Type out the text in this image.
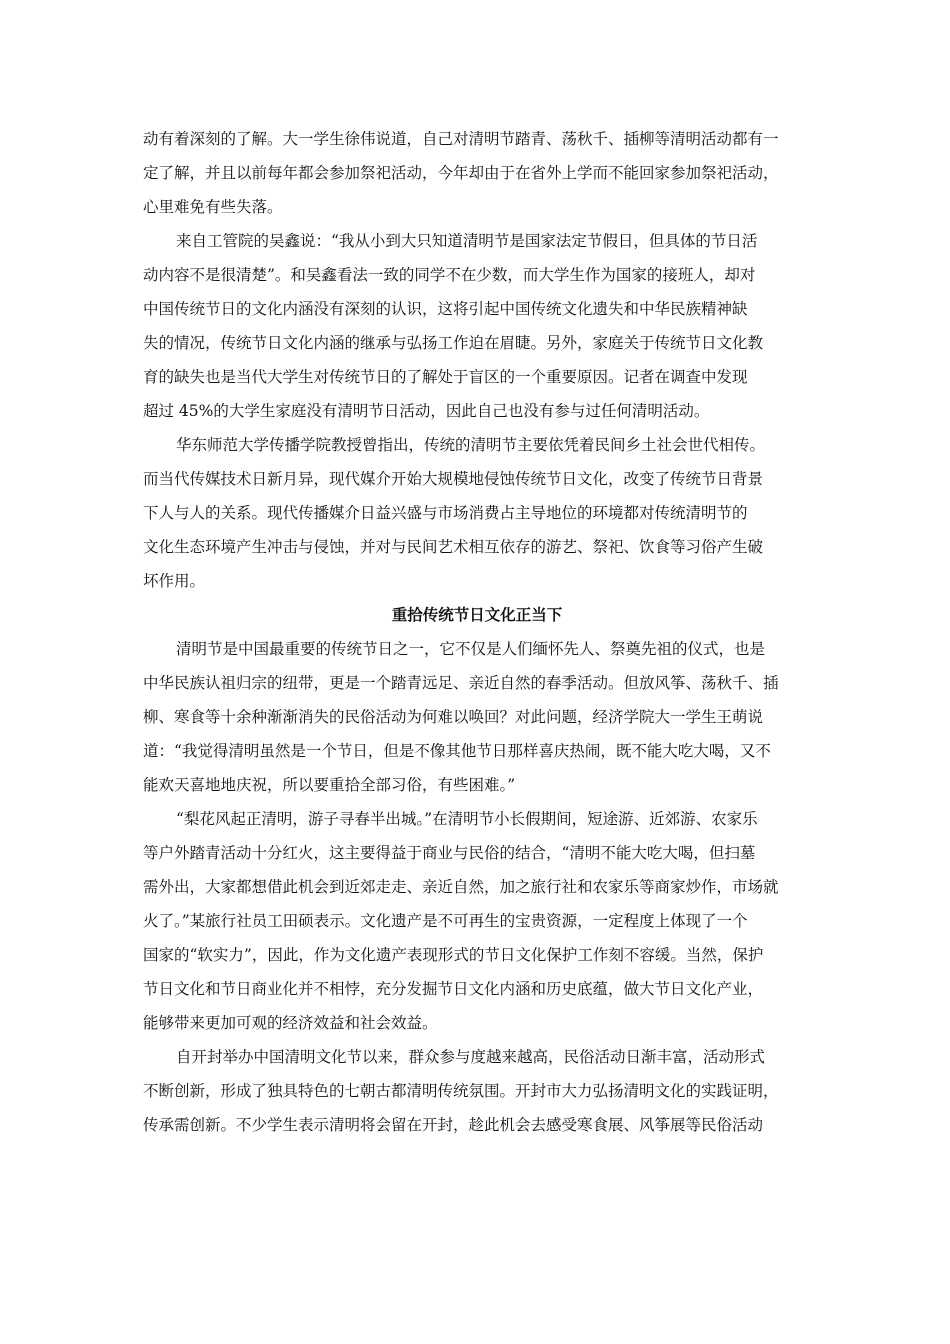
动有着深刻的了解。大一学生徐伟说道，自己对清明节踏青、荡秋千、插柳等清明活动都有一
定了解，并且以前每年都会参加祭祀活动，今年却由于在省外上学而不能回家参加祭祀活动，
心里难免有些失落。
来自工管院的吴鑫说：“我从小到大只知道清明节是国家法定节假日，但具体的节日活
动内容不是很清楚”。和吴鑫看法一致的同学不在少数，而大学生作为国家的接班人，却对
中国传统节日的文化内涵没有深刻的认识，这将引起中国传统文化遗失和中华民族精神缺
失的情况，传统节日文化内涵的继承与弘扬工作迫在眉睫。另外，家庭关于传统节日文化教
育的缺失也是当代大学生对传统节日的了解处于盲区的一个重要原因。记者在调查中发现
超过 45%的大学生家庭没有清明节日活动，因此自己也没有参与过任何清明活动。
华东师范大学传播学院教授曾指出，传统的清明节主要依凭着民间乡土社会世代相传。
而当代传媒技术日新月异，现代媒介开始大规模地侵蚀传统节日文化，改变了传统节日背景
下人与人的关系。现代传播媒介日益兴盛与市场消费占主导地位的环境都对传统清明节的
文化生态环境产生冲击与侵蚀，并对与民间艺术相互依存的游艺、祭祀、饮食等习俗产生破
坏作用。
重拾传统节日文化正当下
清明节是中国最重要的传统节日之一，它不仅是人们缅怀先人、祭奠先祖的仪式，也是
中华民族认祖归宗的纽带，更是一个踏青远足、亲近自然的春季活动。但放风筝、荡秋千、插
柳、寒食等十余种渐渐消失的民俗活动为何难以唤回？对此问题，经济学院大一学生王萌说
道：“我觉得清明虽然是一个节日，但是不像其他节日那样喜庆热闹，既不能大吃大喝，又不
能欢天喜地地庆祝，所以要重拾全部习俗，有些困难。”
“梨花风起正清明，游子寻春半出城。”在清明节小长假期间，短途游、近郊游、农家乐
等户外踏青活动十分红火，这主要得益于商业与民俗的结合，“清明不能大吃大喝，但扫墓
需外出，大家都想借此机会到近郊走走、亲近自然，加之旅行社和农家乐等商家炒作，市场就
火了。”某旅行社员工田硕表示。文化遗产是不可再生的宝贵资源，一定程度上体现了一个
国家的“软实力”，因此，作为文化遗产表现形式的节日文化保护工作刻不容缓。当然，保护
节日文化和节日商业化并不相悖，充分发掘节日文化内涵和历史底蕴，做大节日文化产业，
能够带来更加可观的经济效益和社会效益。
自开封举办中国清明文化节以来，群众参与度越来越高，民俗活动日渐丰富，活动形式
不断创新，形成了独具特色的七朝古都清明传统氛围。开封市大力弘扬清明文化的实践证明，
传承需创新。不少学生表示清明将会留在开封，趁此机会去感受寒食展、风筝展等民俗活动
